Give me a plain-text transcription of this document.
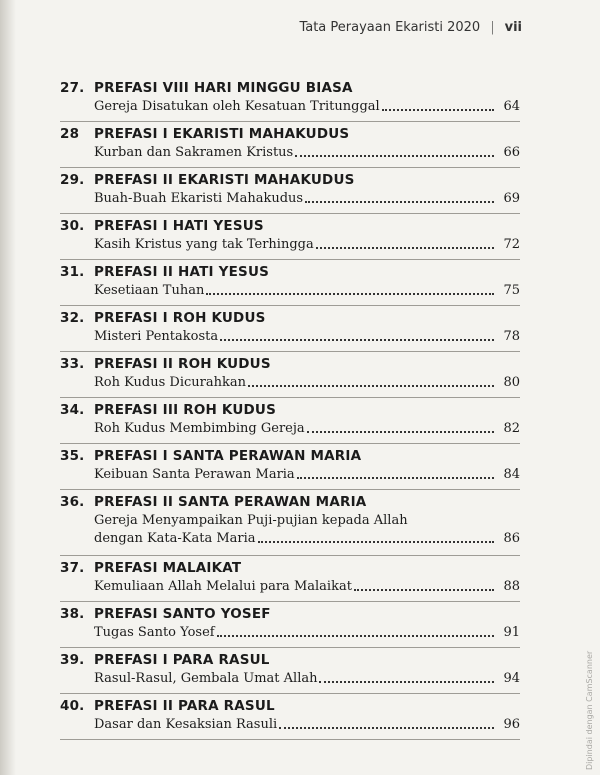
Tata Perayaan Ekaristi 2020 | vii
27. PREFASI VIII HARI MINGGU BIASA
Gereja Disatukan oleh Kesatuan Tritunggal	64
28	PREFASI I EKARISTI MAHAKUDUS
Kurban dan Sakramen Kristus	66
29. PREFASI II EKARISTI MAHAKUDUS
Buah-Buah Ekaristi Mahakudus	69
30. PREFASI I HATI YESUS
Kasih Kristus yang tak Terhingga	72
31. PREFASI II HATI YESUS
Kesetiaan Tuhan	75
32. PREFASI I ROH KUDUS
Misteri Pentakosta	78
33. PREFASI II ROH KUDUS
Roh Kudus Dicurahkan	80
34. PREFASI III ROH KUDUS
Roh Kudus Membimbing Gereja	82
35. PREFASI I SANTA PERAWAN MARIA
Keibuan Santa Perawan Maria	84
36. PREFASI II SANTA PERAWAN MARIA
Gereja Menyampaikan Puji-pujian kepada Allah
dengan Kata-Kata Maria	86
37. PREFASI MALAIKAT
Kemuliaan Allah Melalui para Malaikat	88
38. PREFASI SANTO YOSEF
Tugas Santo Yosef	91
39. PREFASI I PARA RASUL
Rasul-Rasul, Gembala Umat Allah	94
40. PREFASI II PARA RASUL
Dasar dan Kesaksian Rasuli	96	Dipindai dengan CamScanner
